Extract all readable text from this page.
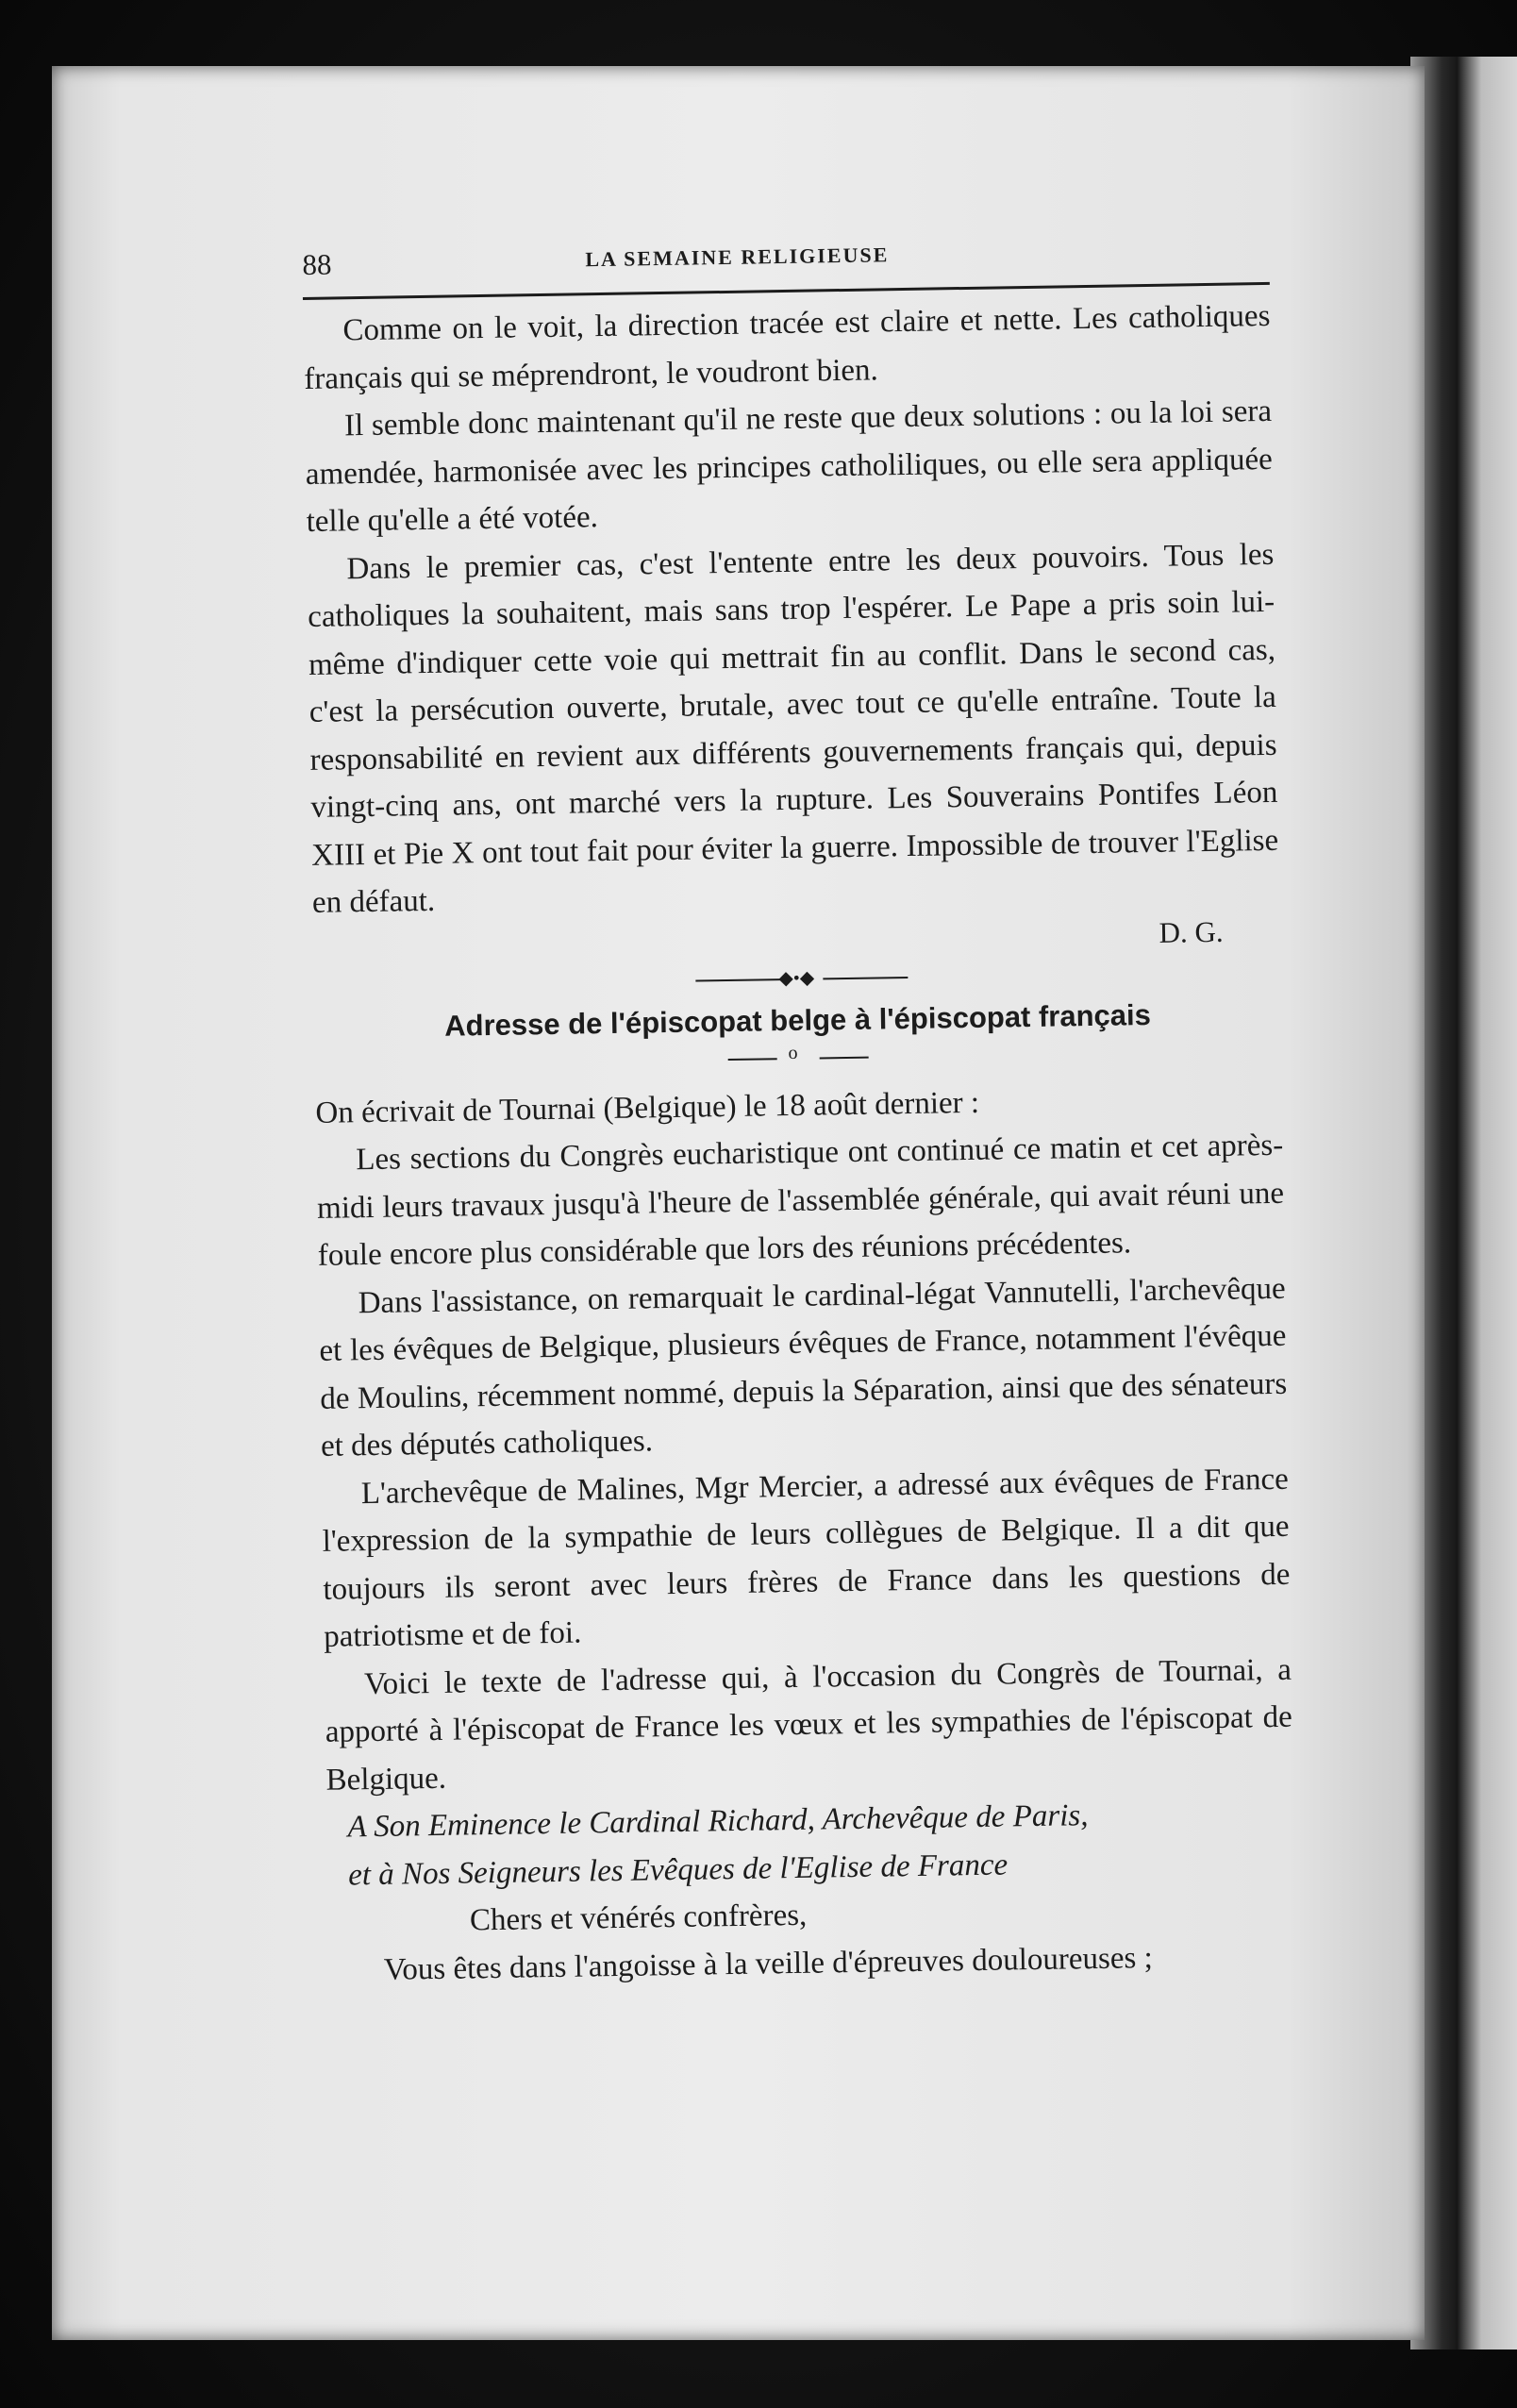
88	LA SEMAINE RELIGIEUSE

Comme on le voit, la direction tracée est claire et nette. Les catholiques français qui se méprendront, le voudront bien.

Il semble donc maintenant qu'il ne reste que deux solutions : ou la loi sera amendée, harmonisée avec les principes catholiliques, ou elle sera appliquée telle qu'elle a été votée.

Dans le premier cas, c'est l'entente entre les deux pouvoirs. Tous les catholiques la souhaitent, mais sans trop l'espérer. Le Pape a pris soin lui-même d'indiquer cette voie qui mettrait fin au conflit. Dans le second cas, c'est la persécution ouverte, brutale, avec tout ce qu'elle entraîne. Toute la responsabilité en revient aux différents gouvernements français qui, depuis vingt-cinq ans, ont marché vers la rupture. Les Souverains Pontifes Léon XIII et Pie X ont tout fait pour éviter la guerre. Impossible de trouver l'Eglise en défaut.

D. G.
◆•◆
Adresse de l'épiscopat belge à l'épiscopat français
o

On écrivait de Tournai (Belgique) le 18 août dernier :

Les sections du Congrès eucharistique ont continué ce matin et cet après-midi leurs travaux jusqu'à l'heure de l'assemblée générale, qui avait réuni une foule encore plus considérable que lors des réunions précédentes.

Dans l'assistance, on remarquait le cardinal-légat Vannutelli, l'archevêque et les évêques de Belgique, plusieurs évêques de France, notamment l'évêque de Moulins, récemment nommé, depuis la Séparation, ainsi que des sénateurs et des députés catholiques.

L'archevêque de Malines, Mgr Mercier, a adressé aux évêques de France l'expression de la sympathie de leurs collègues de Belgique. Il a dit que toujours ils seront avec leurs frères de France dans les questions de patriotisme et de foi.

Voici le texte de l'adresse qui, à l'occasion du Congrès de Tournai, a apporté à l'épiscopat de France les vœux et les sympathies de l'épiscopat de Belgique.

A Son Eminence le Cardinal Richard, Archevêque de Paris,

et à Nos Seigneurs les Evêques de l'Eglise de France

Chers et vénérés confrères,

Vous êtes dans l'angoisse à la veille d'épreuves douloureuses ;
